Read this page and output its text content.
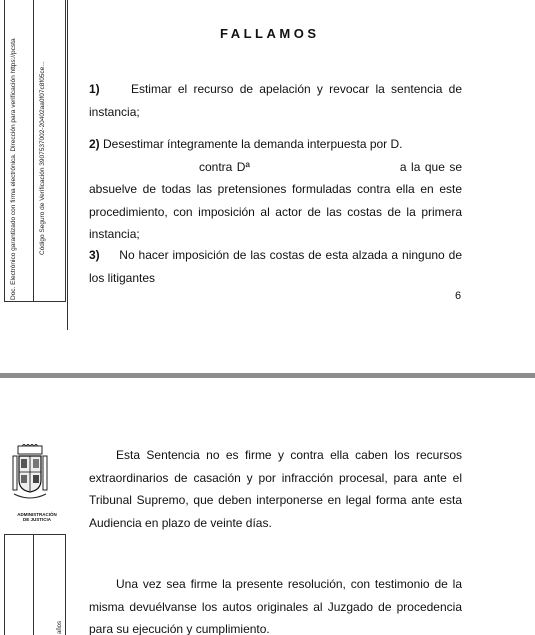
Doc. Electrónico garantizado con firma electrónica. Dirección para verificación https://pcsta	Código Seguro de Verificación 3907537002-20402aa0f07c8f05ce...
FALLAMOS
1)	Estimar el recurso de apelación y revocar la sentencia de instancia;
2) Desestimar íntegramente la demanda interpuesta por D.
contra Dª	a la que se absuelve de todas las pretensiones formuladas contra ella en este procedimiento, con imposición al actor de las costas de la primera instancia;
3) No hacer imposición de las costas de esta alzada a ninguno de los litigantes
6
ADMINISTRACIÓN DE JUSTICIA
años
Esta Sentencia no es firme y contra ella caben los recursos extraordinarios de casación y por infracción procesal, para ante el Tribunal Supremo, que deben interponerse en legal forma ante esta Audiencia en plazo de veinte días.
Una vez sea firme la presente resolución, con testimonio de la misma devuélvanse los autos originales al Juzgado de procedencia para su ejecución y cumplimiento.
